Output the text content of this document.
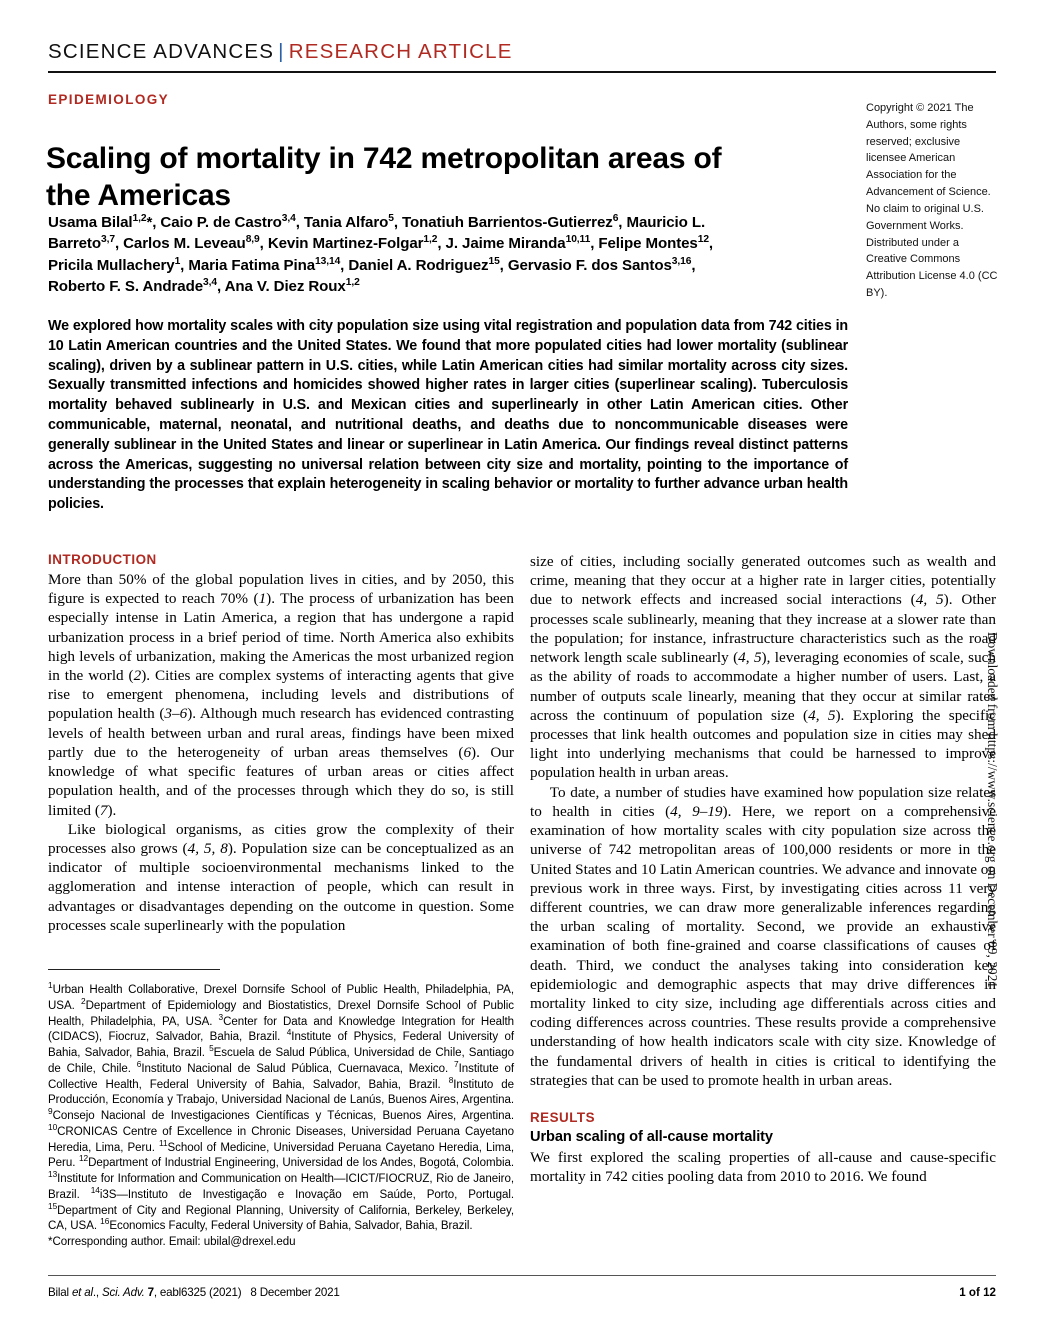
SCIENCE ADVANCES | RESEARCH ARTICLE
EPIDEMIOLOGY
Scaling of mortality in 742 metropolitan areas of the Americas
Usama Bilal$^{1,2}$*, Caio P. de Castro$^{3,4}$, Tania Alfaro$^5$, Tonatiuh Barrientos-Gutierrez$^6$, Mauricio L. Barreto$^{3,7}$, Carlos M. Leveau$^{8,9}$, Kevin Martinez-Folgar$^{1,2}$, J. Jaime Miranda$^{10,11}$, Felipe Montes$^{12}$, Pricila Mullachery$^1$, Maria Fatima Pina$^{13,14}$, Daniel A. Rodriguez$^{15}$, Gervasio F. dos Santos$^{3,16}$, Roberto F. S. Andrade$^{3,4}$, Ana V. Diez Roux$^{1,2}$
Copyright © 2021 The Authors, some rights reserved; exclusive licensee American Association for the Advancement of Science. No claim to original U.S. Government Works. Distributed under a Creative Commons Attribution License 4.0 (CC BY).
We explored how mortality scales with city population size using vital registration and population data from 742 cities in 10 Latin American countries and the United States. We found that more populated cities had lower mortality (sublinear scaling), driven by a sublinear pattern in U.S. cities, while Latin American cities had similar mortality across city sizes. Sexually transmitted infections and homicides showed higher rates in larger cities (superlinear scaling). Tuberculosis mortality behaved sublinearly in U.S. and Mexican cities and superlinearly in other Latin American cities. Other communicable, maternal, neonatal, and nutritional deaths, and deaths due to noncommunicable diseases were generally sublinear in the United States and linear or superlinear in Latin America. Our findings reveal distinct patterns across the Americas, suggesting no universal relation between city size and mortality, pointing to the importance of understanding the processes that explain heterogeneity in scaling behavior or mortality to further advance urban health policies.
INTRODUCTION

More than 50% of the global population lives in cities, and by 2050, this figure is expected to reach 70% (1). The process of urbanization has been especially intense in Latin America, a region that has undergone a rapid urbanization process in a brief period of time. North America also exhibits high levels of urbanization, making the Americas the most urbanized region in the world (2). Cities are complex systems of interacting agents that give rise to emergent phenomena, including levels and distributions of population health (3–6). Although much research has evidenced contrasting levels of health between urban and rural areas, findings have been mixed partly due to the heterogeneity of urban areas themselves (6). Our knowledge of what specific features of urban areas or cities affect population health, and of the processes through which they do so, is still limited (7).

Like biological organisms, as cities grow the complexity of their processes also grows (4, 5, 8). Population size can be conceptualized as an indicator of multiple socioenvironmental mechanisms linked to the agglomeration and intense interaction of people, which can result in advantages or disadvantages depending on the outcome in question. Some processes scale superlinearly with the population

size of cities, including socially generated outcomes such as wealth and crime, meaning that they occur at a higher rate in larger cities, potentially due to network effects and increased social interactions (4, 5). Other processes scale sublinearly, meaning that they increase at a slower rate than the population; for instance, infrastructure characteristics such as the road network length scale sublinearly (4, 5), leveraging economies of scale, such as the ability of roads to accommodate a higher number of users. Last, a number of outputs scale linearly, meaning that they occur at similar rates across the continuum of population size (4, 5). Exploring the specific processes that link health outcomes and population size in cities may shed light into underlying mechanisms that could be harnessed to improve population health in urban areas.

To date, a number of studies have examined how population size relates to health in cities (4, 9–19). Here, we report on a comprehensive examination of how mortality scales with city population size across the universe of 742 metropolitan areas of 100,000 residents or more in the United States and 10 Latin American countries. We advance and innovate on previous work in three ways. First, by investigating cities across 11 very different countries, we can draw more generalizable inferences regarding the urban scaling of mortality. Second, we provide an exhaustive examination of both fine-grained and coarse classifications of causes of death. Third, we conduct the analyses taking into consideration key epidemiologic and demographic aspects that may drive differences in mortality linked to city size, including age differentials across cities and coding differences across countries. These results provide a comprehensive understanding of how health indicators scale with city size. Knowledge of the fundamental drivers of health in cities is critical to identifying the strategies that can be used to promote health in urban areas.

RESULTS
Urban scaling of all-cause mortality

We first explored the scaling properties of all-cause and cause-specific mortality in 742 cities pooling data from 2010 to 2016. We found

$^1$Urban Health Collaborative, Drexel Dornsife School of Public Health, Philadelphia, PA, USA. $^2$Department of Epidemiology and Biostatistics, Drexel Dornsife School of Public Health, Philadelphia, PA, USA. $^3$Center for Data and Knowledge Integration for Health (CIDACS), Fiocruz, Salvador, Bahia, Brazil. $^4$Institute of Physics, Federal University of Bahia, Salvador, Bahia, Brazil. $^5$Escuela de Salud Pública, Universidad de Chile, Santiago de Chile, Chile. $^6$Instituto Nacional de Salud Pública, Cuernavaca, Mexico. $^7$Institute of Collective Health, Federal University of Bahia, Salvador, Bahia, Brazil. $^8$Instituto de Producción, Economía y Trabajo, Universidad Nacional de Lanús, Buenos Aires, Argentina. $^9$Consejo Nacional de Investigaciones Científicas y Técnicas, Buenos Aires, Argentina. $^{10}$CRONICAS Centre of Excellence in Chronic Diseases, Universidad Peruana Cayetano Heredia, Lima, Peru. $^{11}$School of Medicine, Universidad Peruana Cayetano Heredia, Lima, Peru. $^{12}$Department of Industrial Engineering, Universidad de los Andes, Bogotá, Colombia. $^{13}$Institute for Information and Communication on Health—ICICT/FIOCRUZ, Rio de Janeiro, Brazil. $^{14}$i3S—Instituto de Investigação e Inovação em Saúde, Porto, Portugal. $^{15}$Department of City and Regional Planning, University of California, Berkeley, Berkeley, CA, USA. $^{16}$Economics Faculty, Federal University of Bahia, Salvador, Bahia, Brazil.
*Corresponding author. Email: ubilal@drexel.edu
Bilal et al., Sci. Adv. 7, eabl6325 (2021)   8 December 2021	1 of 12
Downloaded from https://www.science.org on December 09, 2021
